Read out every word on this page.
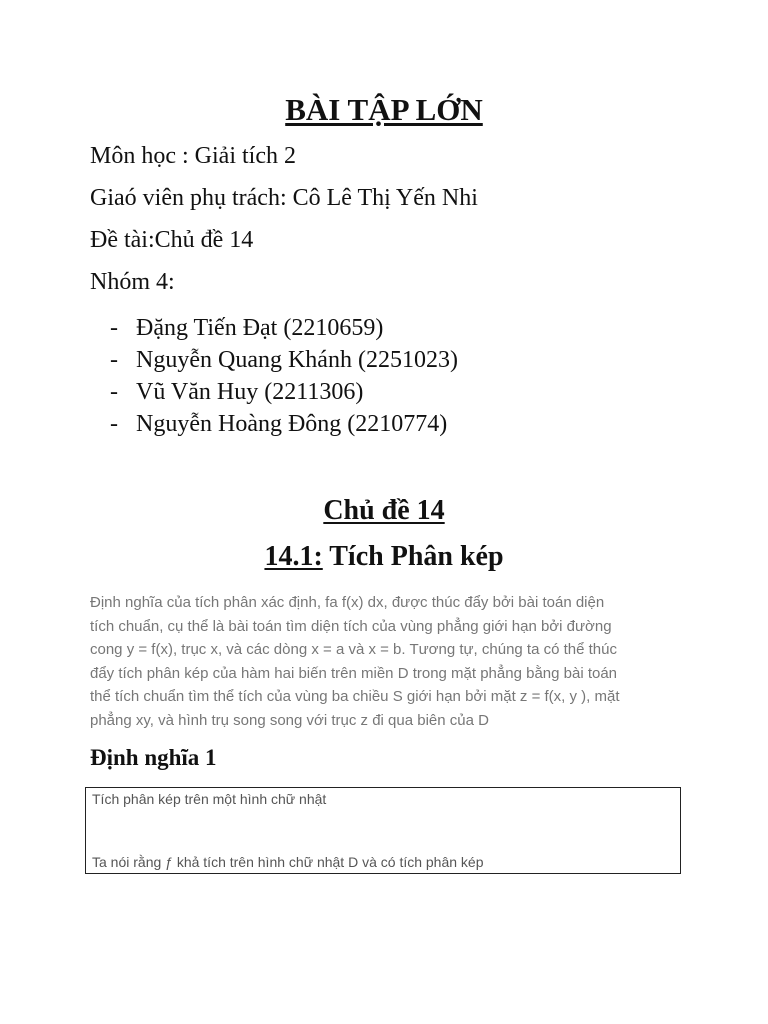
BÀI TẬP LỚN
Môn học : Giải tích 2
Giaó viên phụ trách: Cô Lê Thị Yến Nhi
Đề tài:Chủ đề 14
Nhóm 4:
- Đặng Tiến Đạt (2210659)
- Nguyễn Quang Khánh (2251023)
- Vũ Văn Huy (2211306)
- Nguyễn Hoàng Đông (2210774)
Chủ đề 14
14.1: Tích Phân kép
Định nghĩa của tích phân xác định, fa f(x) dx, được thúc đẩy bởi bài toán diện
tích chuẩn, cụ thể là bài toán tìm diện tích của vùng phẳng giới hạn bởi đường
cong y = f(x), trục x, và các dòng x = a và x = b. Tương tự, chúng ta có thể thúc
đẩy tích phân kép của hàm hai biến trên miền D trong mặt phẳng bằng bài toán
thể tích chuẩn tìm thể tích của vùng ba chiều S giới hạn bởi mặt z = f(x, y ), mặt
phẳng xy, và hình trụ song song với trục z đi qua biên của D
Định nghĩa 1
Tích phân kép trên một hình chữ nhật
Ta nói rằng ƒ khả tích trên hình chữ nhật D và có tích phân kép
